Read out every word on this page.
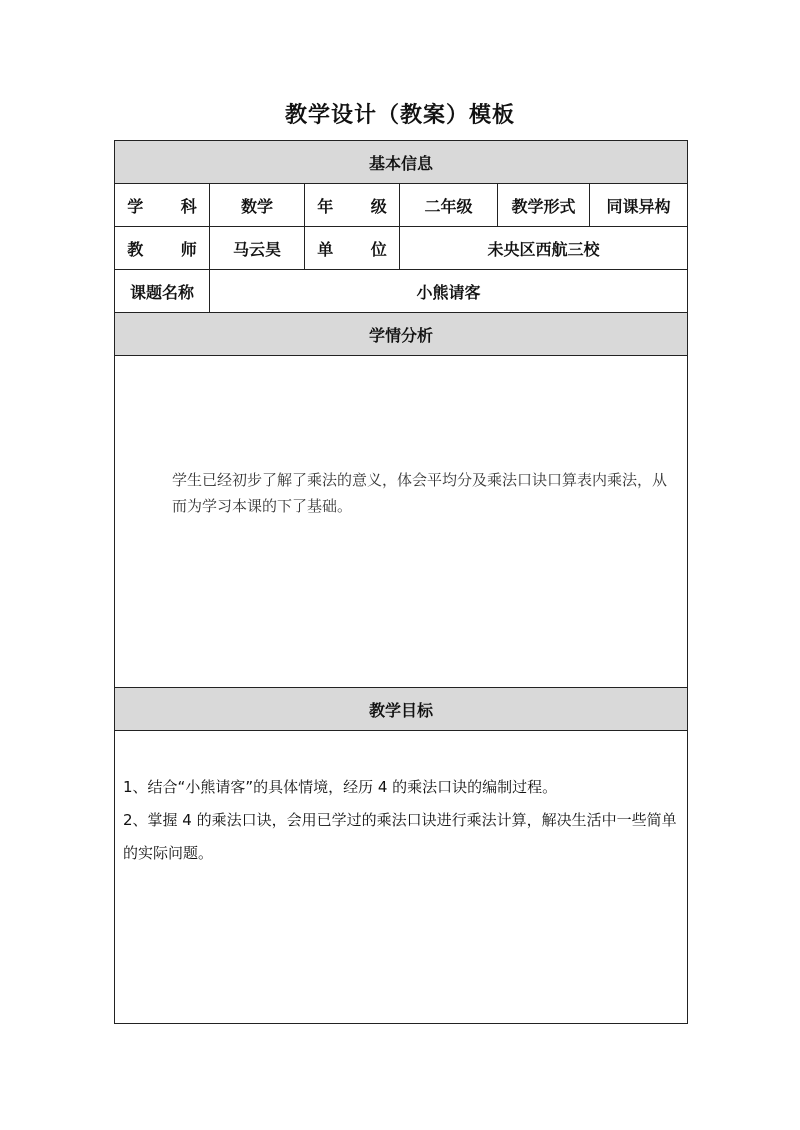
教学设计（教案）模板
基本信息					
学 科	数学	年 级	二年级	教学形式	同课异构
教 师	马云昊	单 位	未央区西航三校		
课题名称	小熊请客				
学情分析					

学生已经初步了解了乘法的意义，体会平均分及乘法口诀口算表内乘法，从而为学习本课的下了基础。					

教学目标					

1、结合“小熊请客”的具体情境，经历 4 的乘法口诀的编制过程。

2、掌握 4 的乘法口诀，会用已学过的乘法口诀进行乘法计算，解决生活中一些简单的实际问题。					
